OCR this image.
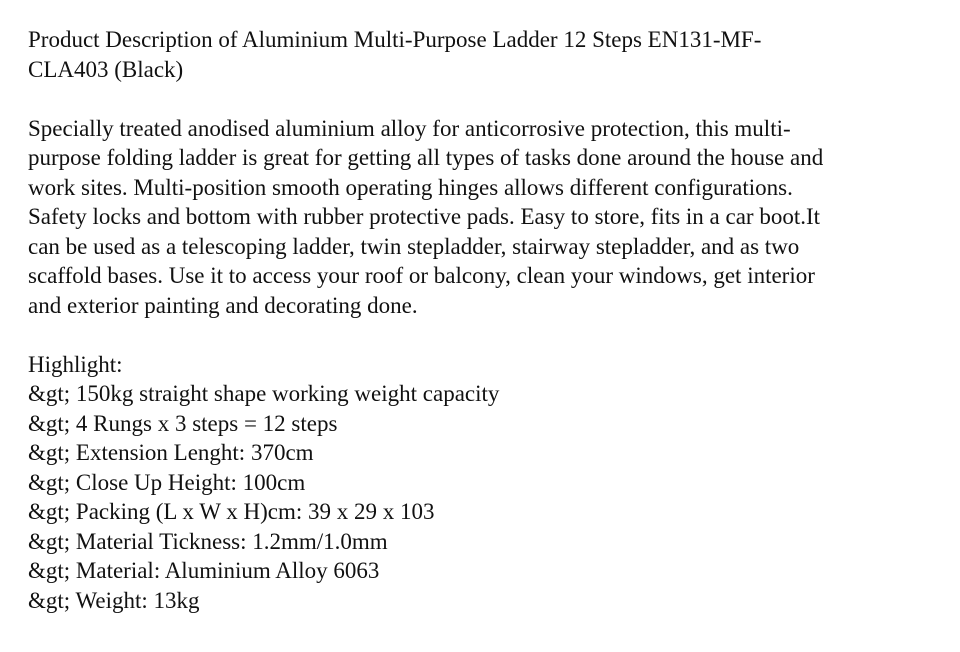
Product Description of Aluminium Multi-Purpose Ladder 12 Steps EN131-MF-
CLA403 (Black)
Specially treated anodised aluminium alloy for anticorrosive protection, this multi-
purpose folding ladder is great for getting all types of tasks done around the house and
work sites. Multi-position smooth operating hinges allows different configurations.
Safety locks and bottom with rubber protective pads. Easy to store, fits in a car boot.It
can be used as a telescoping ladder, twin stepladder, stairway stepladder, and as two
scaffold bases. Use it to access your roof or balcony, clean your windows, get interior
and exterior painting and decorating done.
Highlight:
&gt; 150kg straight shape working weight capacity
&gt; 4 Rungs x 3 steps = 12 steps
&gt; Extension Lenght: 370cm
&gt; Close Up Height: 100cm
&gt; Packing (L x W x H)cm: 39 x 29 x 103
&gt; Material Tickness: 1.2mm/1.0mm
&gt; Material: Aluminium Alloy 6063
&gt; Weight: 13kg
